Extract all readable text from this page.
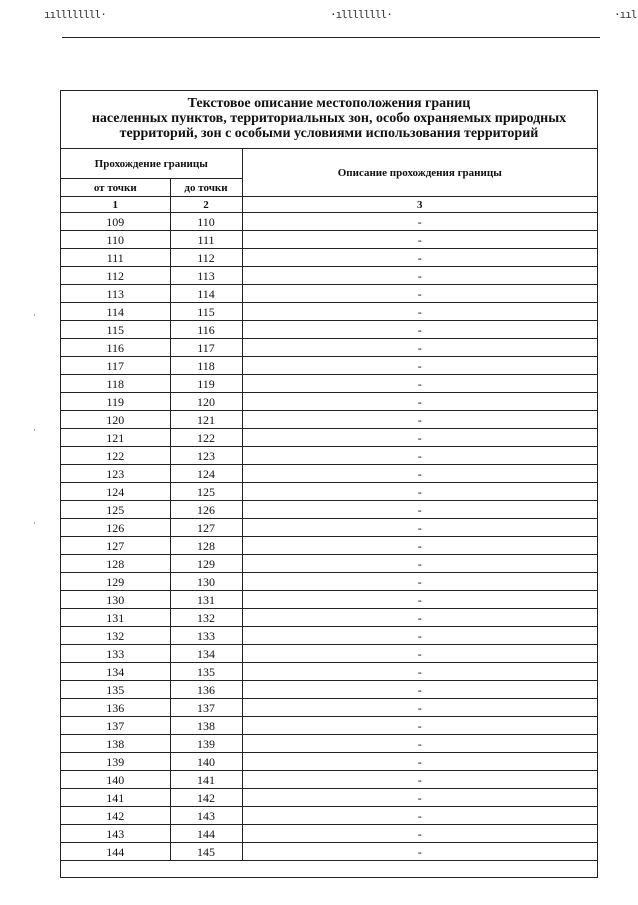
ııllllllll·	·ıllllllll·	·ııl
·
·
·
Текстовое описание местоположения границ
населенных пунктов, территориальных зон, особо охраняемых природных
территорий, зон с особыми условиями использования территорий
Прохождение границы		Описание прохождения границы
от точки	до точки	
1	2	3
109	110	-
110	111	-
111	112	-
112	113	-
113	114	-
114	115	-
115	116	-
116	117	-
117	118	-
118	119	-
119	120	-
120	121	-
121	122	-
122	123	-
123	124	-
124	125	-
125	126	-
126	127	-
127	128	-
128	129	-
129	130	-
130	131	-
131	132	-
132	133	-
133	134	-
134	135	-
135	136	-
136	137	-
137	138	-
138	139	-
139	140	-
140	141	-
141	142	-
142	143	-
143	144	-
144	145	-
